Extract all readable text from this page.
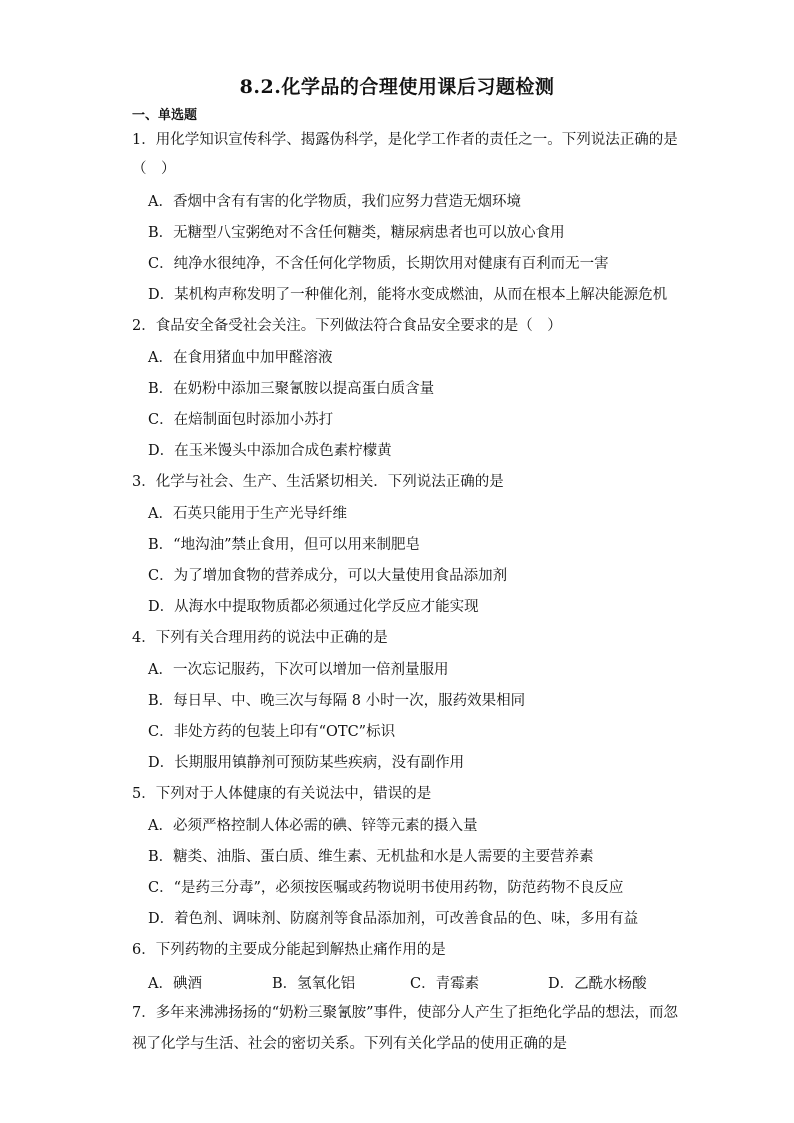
8.2.化学品的合理使用课后习题检测
一、单选题
1．用化学知识宣传科学、揭露伪科学，是化学工作者的责任之一。下列说法正确的是
（　）
A．香烟中含有有害的化学物质，我们应努力营造无烟环境
B．无糖型八宝粥绝对不含任何糖类，糖尿病患者也可以放心食用
C．纯净水很纯净，不含任何化学物质，长期饮用对健康有百利而无一害
D．某机构声称发明了一种催化剂，能将水变成燃油，从而在根本上解决能源危机
2．食品安全备受社会关注。下列做法符合食品安全要求的是（　）
A．在食用猪血中加甲醛溶液
B．在奶粉中添加三聚氰胺以提高蛋白质含量
C．在焙制面包时添加小苏打
D．在玉米馒头中添加合成色素柠檬黄
3．化学与社会、生产、生活紧切相关．下列说法正确的是
A．石英只能用于生产光导纤维
B．“地沟油”禁止食用，但可以用来制肥皂
C．为了增加食物的营养成分，可以大量使用食品添加剂
D．从海水中提取物质都必须通过化学反应才能实现
4．下列有关合理用药的说法中正确的是
A．一次忘记服药，下次可以增加一倍剂量服用
B．每日早、中、晚三次与每隔 8 小时一次，服药效果相同
C．非处方药的包装上印有“OTC”标识
D．长期服用镇静剂可预防某些疾病，没有副作用
5．下列对于人体健康的有关说法中，错误的是
A．必须严格控制人体必需的碘、锌等元素的摄入量
B．糖类、油脂、蛋白质、维生素、无机盐和水是人需要的主要营养素
C．“是药三分毒”，必须按医嘱或药物说明书使用药物，防范药物不良反应
D．着色剂、调味剂、防腐剂等食品添加剂，可改善食品的色、味，多用有益
6．下列药物的主要成分能起到解热止痛作用的是
A．碘酒	B．氢氧化铝	C．青霉素	D．乙酰水杨酸
7．多年来沸沸扬扬的“奶粉三聚氰胺”事件，使部分人产生了拒绝化学品的想法，而忽
视了化学与生活、社会的密切关系。下列有关化学品的使用正确的是
